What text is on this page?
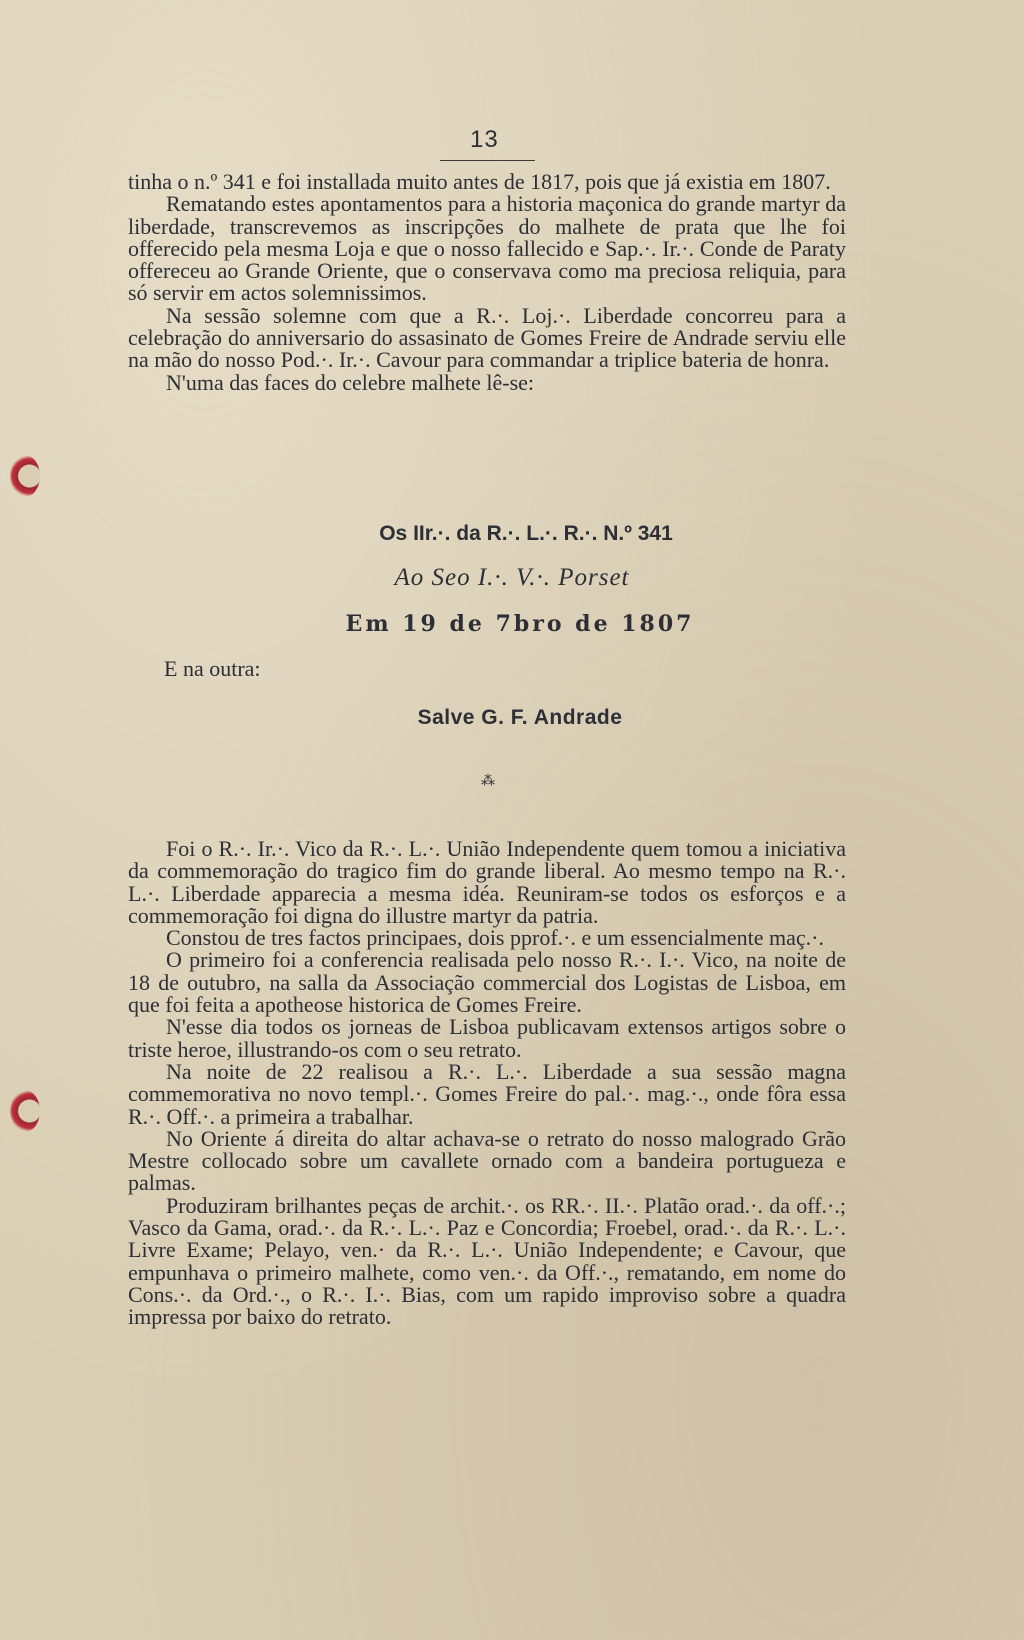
13

tinha o n.º 341 e foi installada muito antes de 1817, pois que já existia em 1807.

Rematando estes apontamentos para a historia maçonica do grande martyr da liberdade, transcrevemos as inscripções do malhete de prata que lhe foi offerecido pela mesma Loja e que o nosso fallecido e Sap.·. Ir.·. Conde de Paraty offereceu ao Grande Oriente, que o conservava como ma preciosa reliquia, para só servir em actos solemnissimos.

Na sessão solemne com que a R.·. Loj.·. Liberdade concorreu para a celebração do anniversario do assasinato de Gomes Freire de Andrade serviu elle na mão do nosso Pod.·. Ir.·. Cavour para commandar a triplice bateria de honra.

N'uma das faces do celebre malhete lê-se:

Os IIr.·. da R.·. L.·. R.·. N.º 341
Ao Seo I.·. V.·. Porset
Em 19 de 7bro de 1807
E na outra:
Salve G. F. Andrade
⁂

Foi o R.·. Ir.·. Vico da R.·. L.·. União Independente quem tomou a iniciativa da commemoração do tragico fim do grande liberal. Ao mesmo tempo na R.·. L.·. Liberdade apparecia a mesma idéa. Reuniram-se todos os esforços e a commemoração foi digna do illustre martyr da patria.

Constou de tres factos principaes, dois pprof.·. e um essencialmente maç.·.

O primeiro foi a conferencia realisada pelo nosso R.·. I.·. Vico, na noite de 18 de outubro, na salla da Associação commercial dos Logistas de Lisboa, em que foi feita a apotheose historica de Gomes Freire.

N'esse dia todos os jorneas de Lisboa publicavam extensos artigos sobre o triste heroe, illustrando-os com o seu retrato.

Na noite de 22 realisou a R.·. L.·. Liberdade a sua sessão magna commemorativa no novo templ.·. Gomes Freire do pal.·. mag.·., onde fôra essa R.·. Off.·. a primeira a trabalhar.

No Oriente á direita do altar achava-se o retrato do nosso malogrado Grão Mestre collocado sobre um cavallete ornado com a bandeira portugueza e palmas.

Produziram brilhantes peças de archit.·. os RR.·. II.·. Platão orad.·. da off.·.; Vasco da Gama, orad.·. da R.·. L.·. Paz e Concordia; Froebel, orad.·. da R.·. L.·. Livre Exame; Pelayo, ven.· da R.·. L.·. União Independente; e Cavour, que empunhava o primeiro malhete, como ven.·. da Off.·., rematando, em nome do Cons.·. da Ord.·., o R.·. I.·. Bias, com um rapido improviso sobre a quadra impressa por baixo do retrato.
